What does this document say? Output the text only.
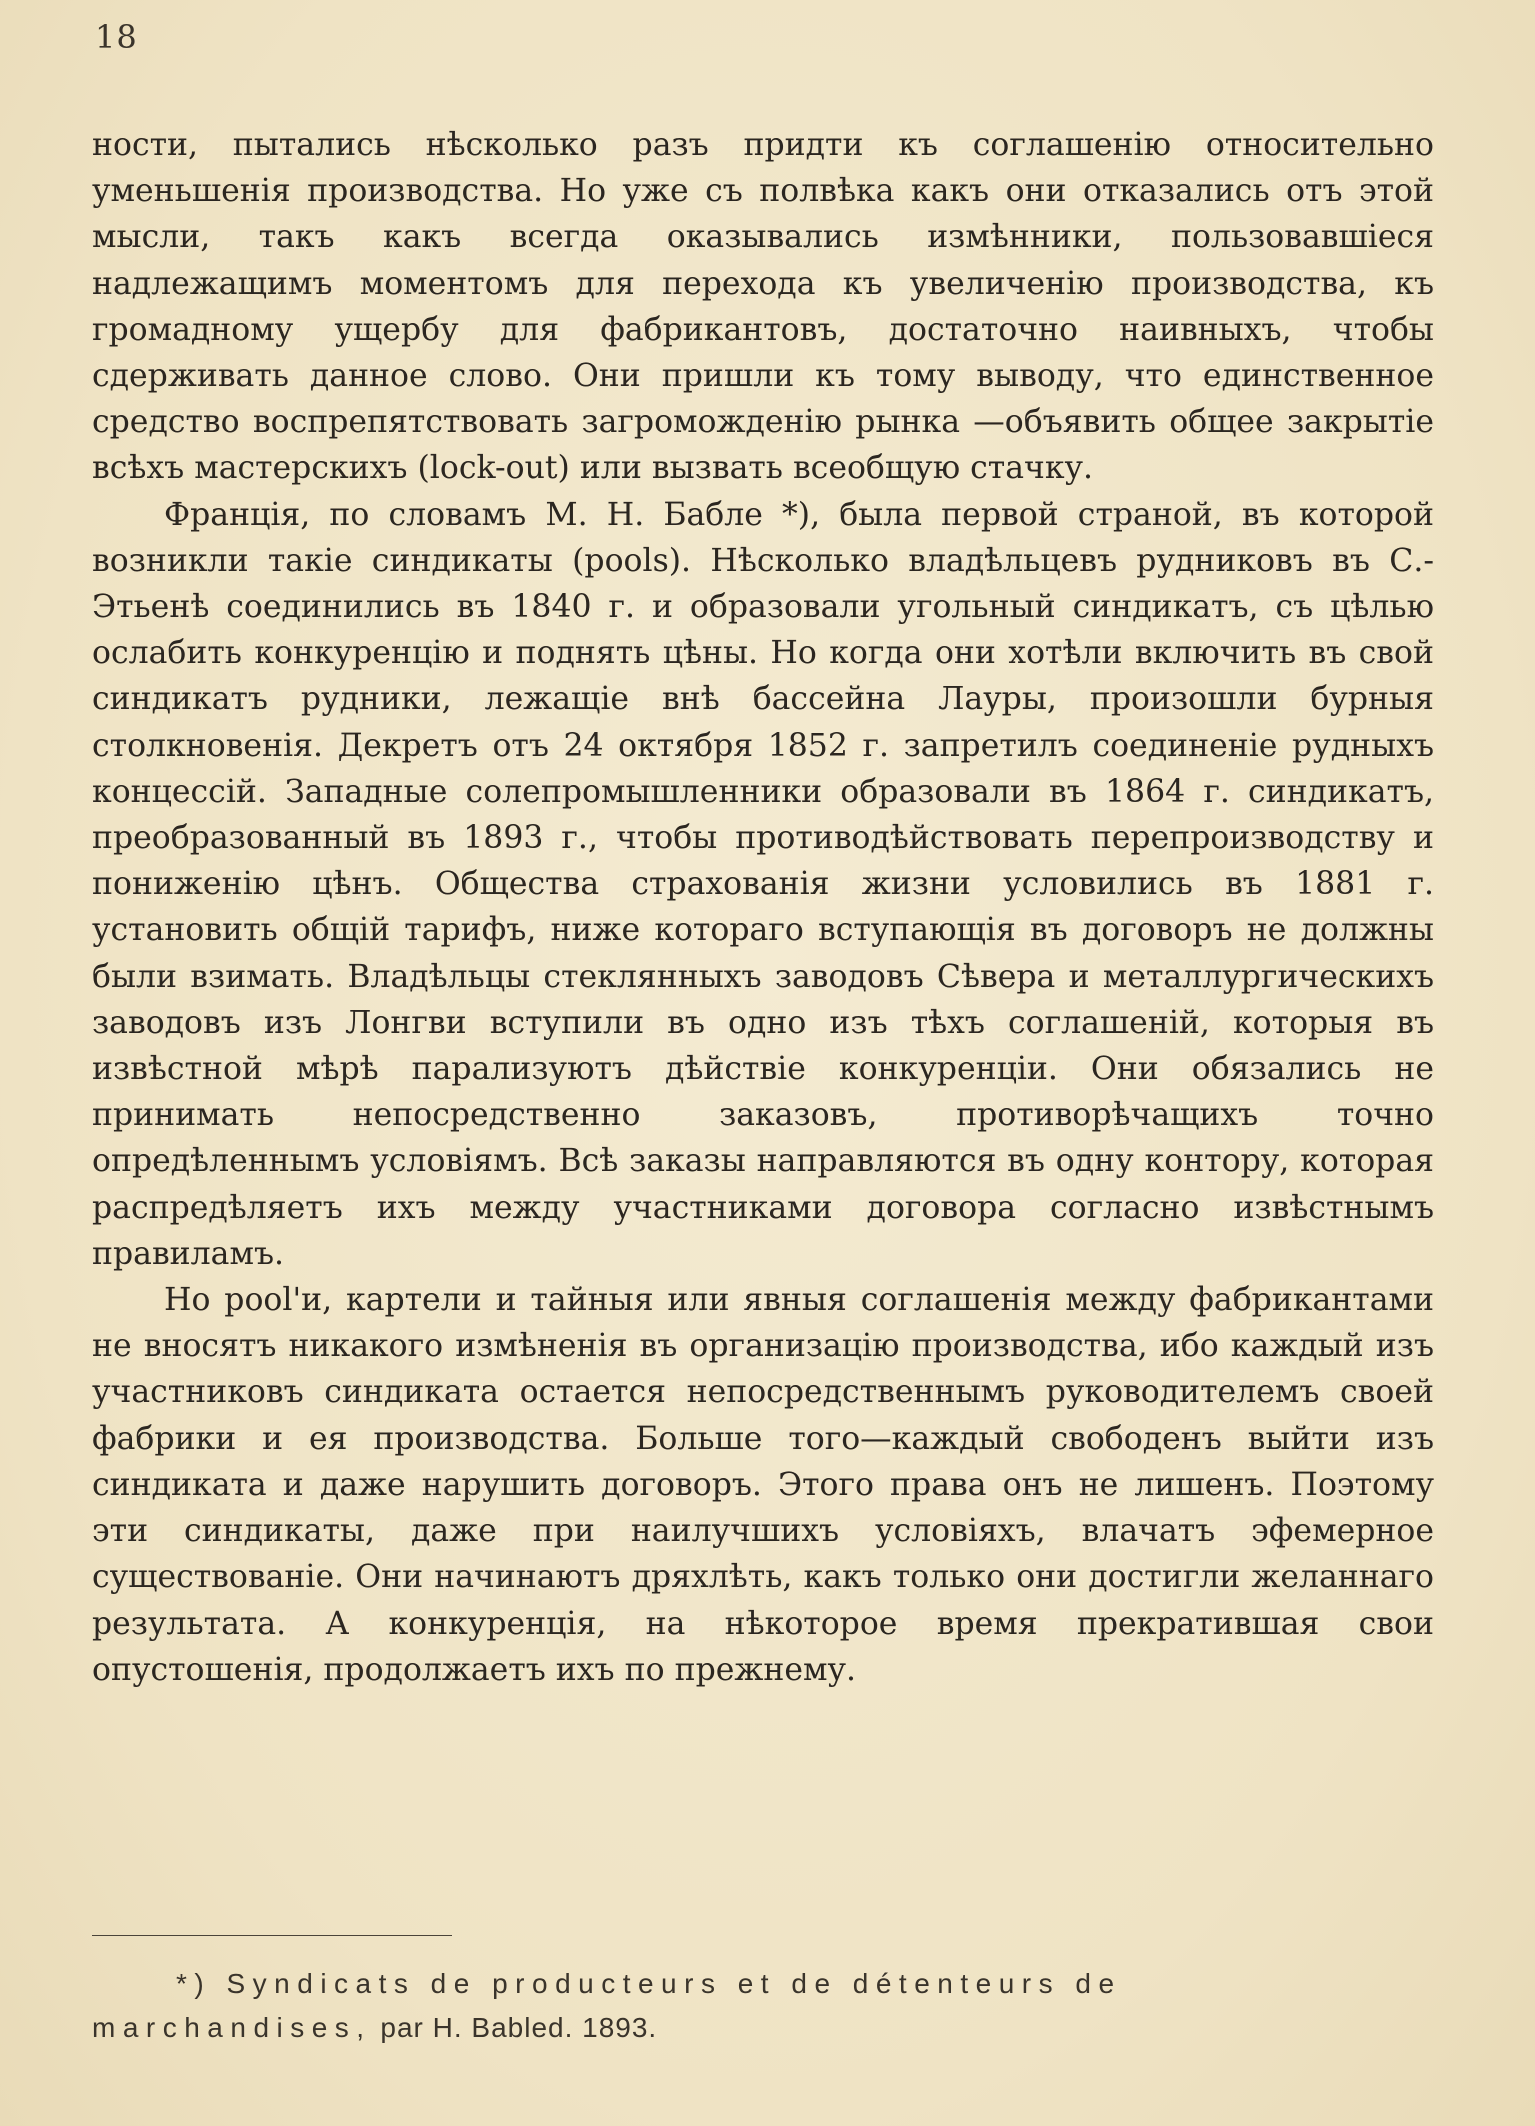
18

ности, пытались нѣсколько разъ придти къ соглашенію относительно уменьшенія производства. Но уже съ полвѣка какъ они отказались отъ этой мысли, такъ какъ всегда оказывались измѣнники, пользовавшіеся надлежащимъ моментомъ для перехода къ увеличенію производства, къ громадному ущербу для фабрикантовъ, достаточно наивныхъ, чтобы сдерживать данное слово. Они пришли къ тому выводу, что единственное средство воспрепятствовать загроможденію рынка —объявить общее закрытіе всѣхъ мастерскихъ (lock-out) или вызвать всеобщую стачку.

Франція, по словамъ М. Н. Бабле *), была первой страной, въ которой возникли такіе синдикаты (pools). Нѣсколько владѣльцевъ рудниковъ въ С.-Этьенѣ соединились въ 1840 г. и образовали угольный синдикатъ, съ цѣлью ослабить конкуренцію и поднять цѣны. Но когда они хотѣли включить въ свой синдикатъ рудники, лежащіе внѣ бассейна Лауры, произошли бурныя столкновенія. Декретъ отъ 24 октября 1852 г. запретилъ соединеніе рудныхъ концессій. Западные солепромышленники образовали въ 1864 г. синдикатъ, преобразованный въ 1893 г., чтобы противодѣйствовать перепроизводству и пониженію цѣнъ. Общества страхованія жизни условились въ 1881 г. установить общій тарифъ, ниже котораго вступающія въ договоръ не должны были взимать. Владѣльцы стеклянныхъ заводовъ Сѣвера и металлургическихъ заводовъ изъ Лонгви вступили въ одно изъ тѣхъ соглашеній, которыя въ извѣстной мѣрѣ парализуютъ дѣйствіе конкуренціи. Они обязались не принимать непосредственно заказовъ, противорѣчащихъ точно опредѣленнымъ условіямъ. Всѣ заказы направляются въ одну контору, которая распредѣляетъ ихъ между участниками договора согласно извѣстнымъ правиламъ.

Но pool'и, картели и тайныя или явныя соглашенія между фабрикантами не вносятъ никакого измѣненія въ организацію производства, ибо каждый изъ участниковъ синдиката остается непосредственнымъ руководителемъ своей фабрики и ея производства. Больше того—каждый свободенъ выйти изъ синдиката и даже нарушить договоръ. Этого права онъ не лишенъ. Поэтому эти синдикаты, даже при наилучшихъ условіяхъ, влачатъ эфемерное существованіе. Они начинаютъ дряхлѣть, какъ только они достигли желаннаго результата. А конкуренція, на нѣкоторое время прекратившая свои опустошенія, продолжаетъ ихъ по прежнему.

*) Syndicats de producteurs et de détenteurs de
marchandises, par H. Babled. 1893.
